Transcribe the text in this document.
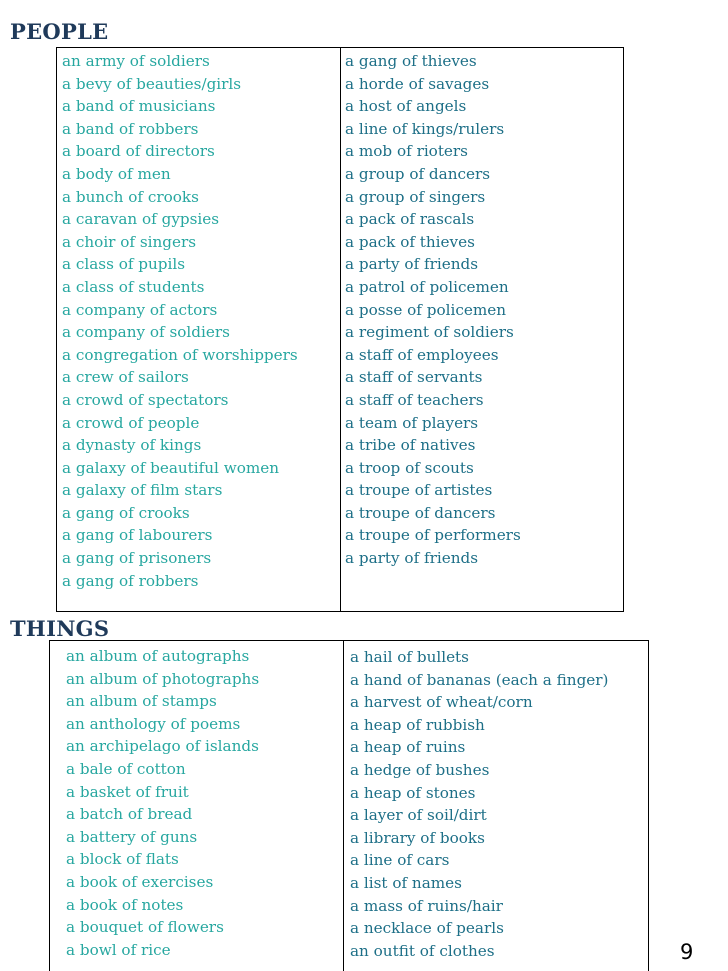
PEOPLE
an army of soldiers
a bevy of beauties/girls
a band of musicians
a band of robbers
a board of directors
a body of men
a bunch of crooks
a caravan of gypsies
a choir of singers
a class of pupils
a class of students
a company of actors
a company of soldiers
a congregation of worshippers
a crew of sailors
a crowd of spectators
a crowd of people
a dynasty of kings
a galaxy of beautiful women
a galaxy of film stars
a gang of crooks
a gang of labourers
a gang of prisoners
a gang of robbers
a gang of thieves
a horde of savages
a host of angels
a line of kings/rulers
a mob of rioters
a group of dancers
a group of singers
a pack of rascals
a pack of thieves
a party of friends
a patrol of policemen
a posse of policemen
a regiment of soldiers
a staff of employees
a staff of servants
a staff of teachers
a team of players
a tribe of natives
a troop of scouts
a troupe of artistes
a troupe of dancers
a troupe of performers
a party of friends
THINGS
an album of autographs
an album of photographs
an album of stamps
an anthology of poems
an archipelago of islands
a bale of cotton
a basket of fruit
a batch of bread
a battery of guns
a block of flats
a book of exercises
a book of notes
a bouquet of flowers
a bowl of rice
a hail of bullets
a hand of bananas (each a finger)
a harvest of wheat/corn
a heap of rubbish
a heap of ruins
a hedge of bushes
a heap of stones
a layer of soil/dirt
a library of books
a line of cars
a list of names
a mass of ruins/hair
a necklace of pearls
an outfit of clothes	9
